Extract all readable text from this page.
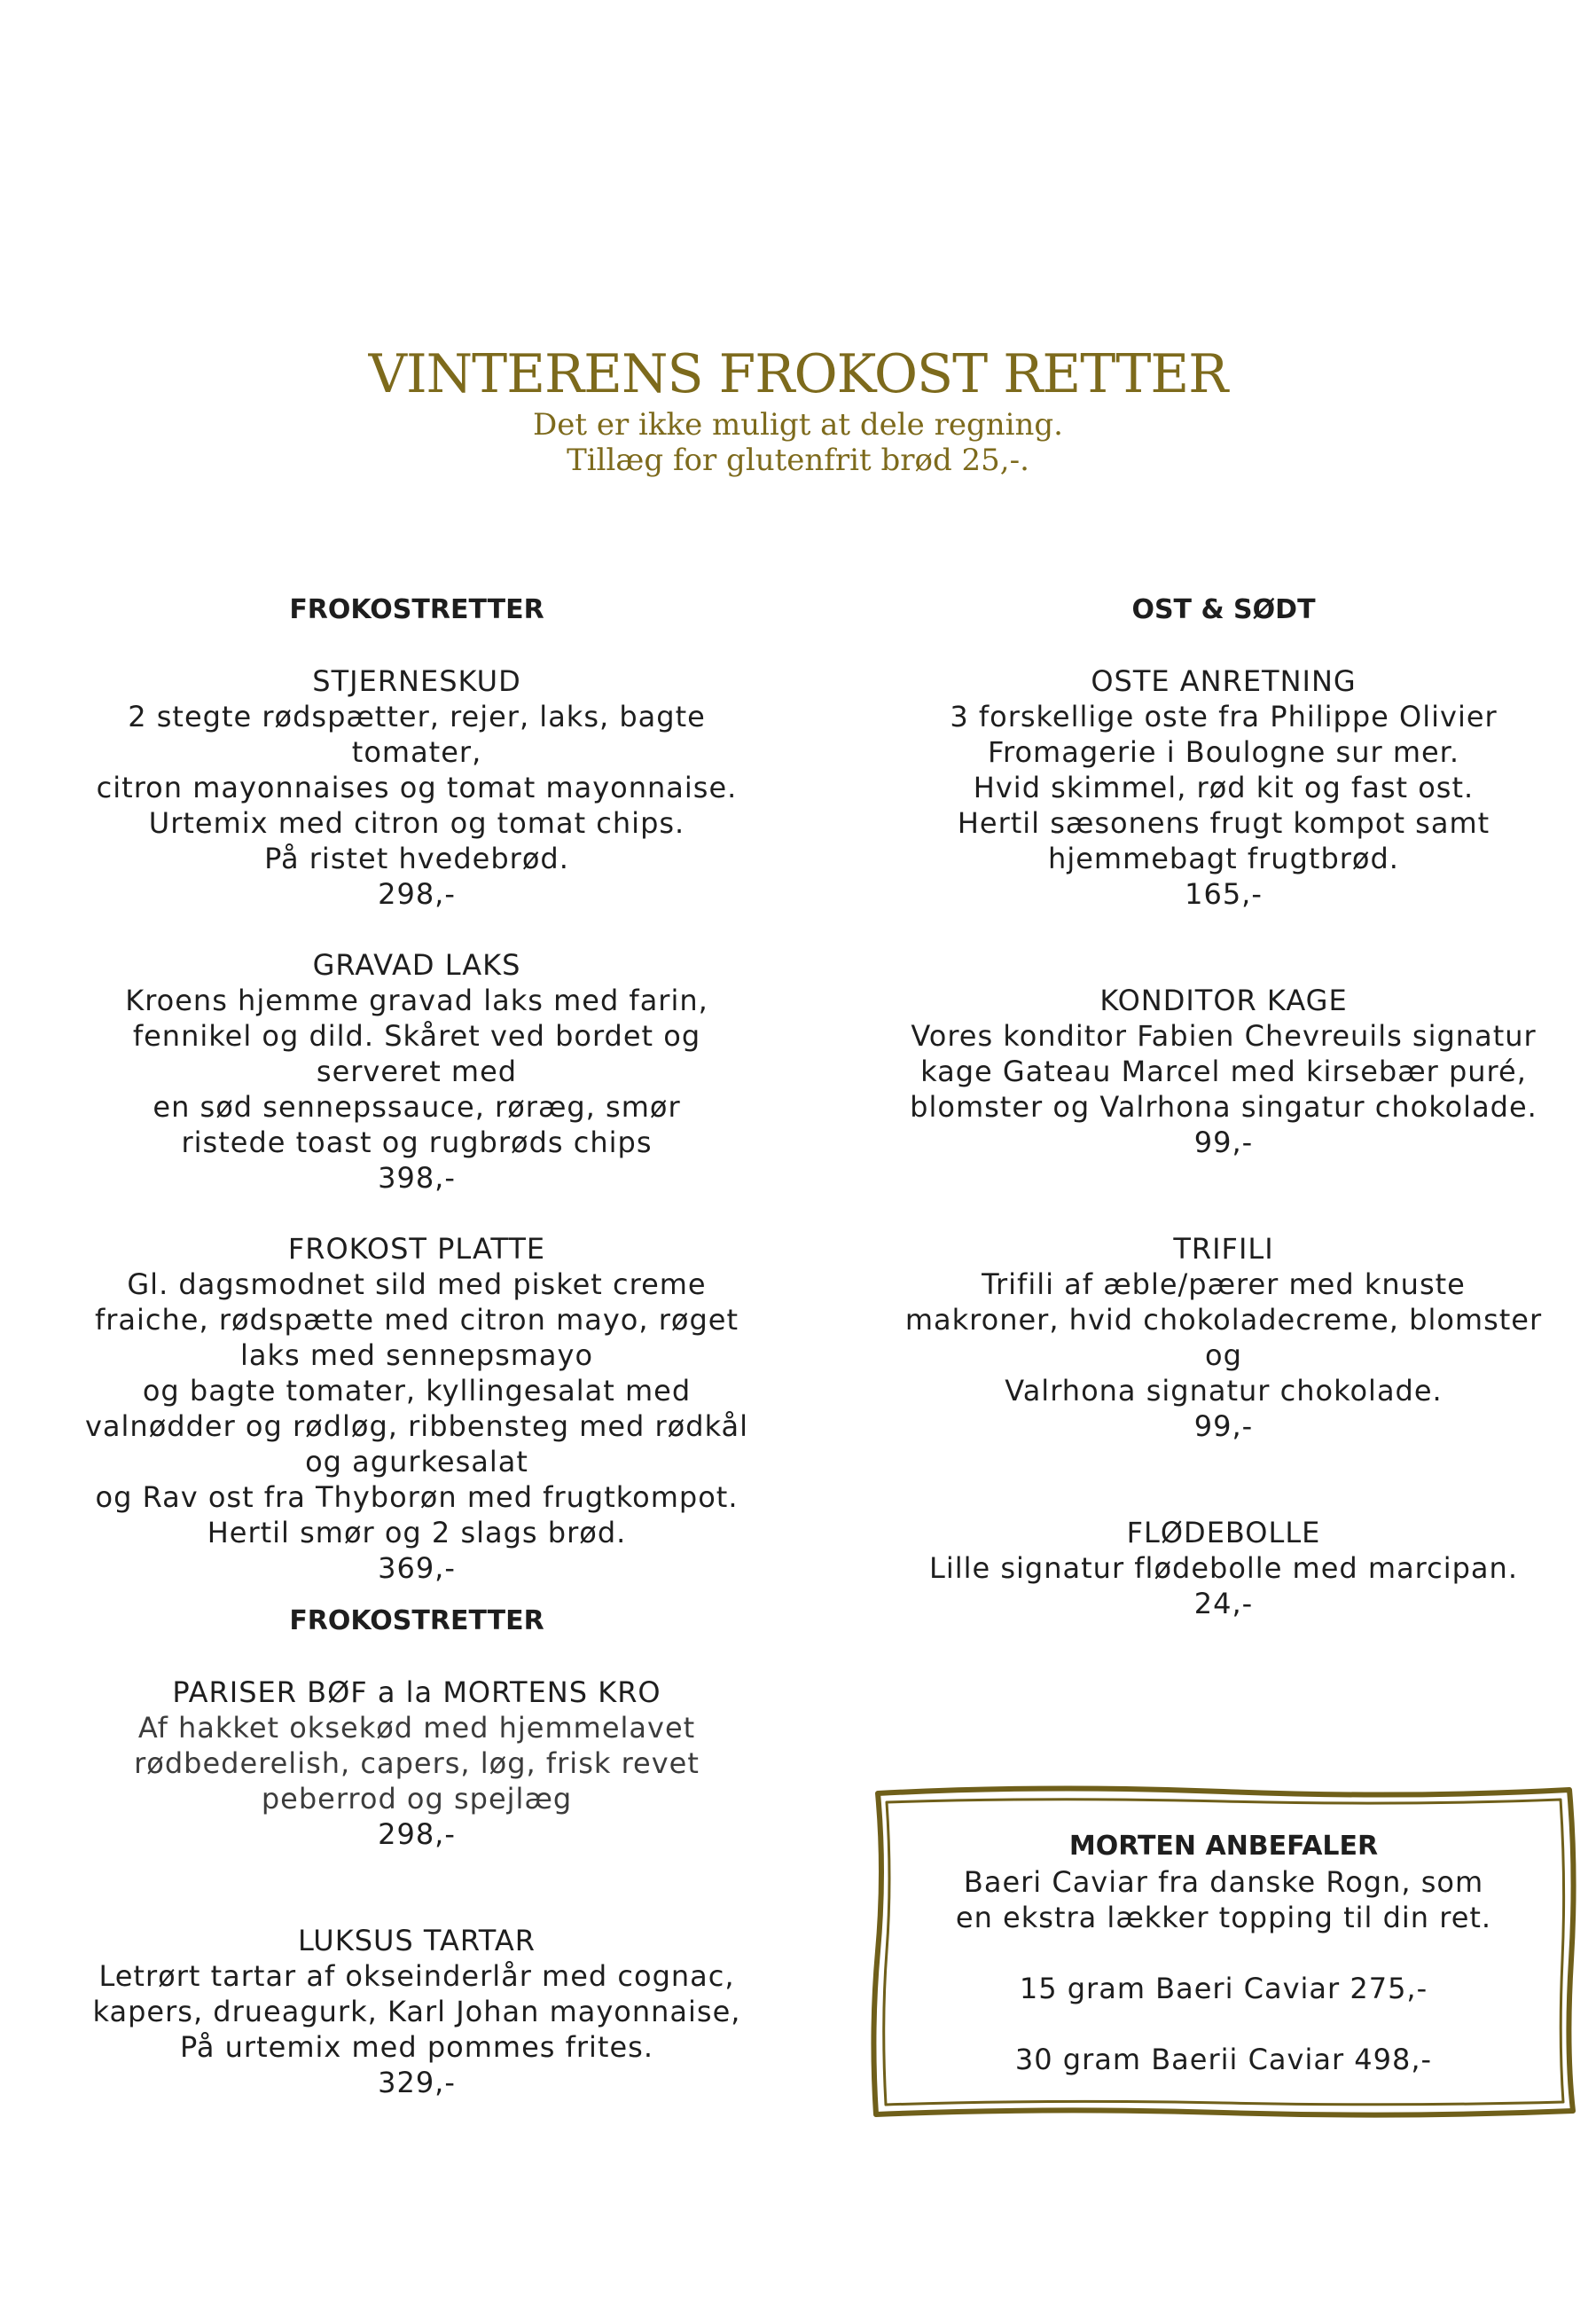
VINTERENS FROKOST RETTER
Det er ikke muligt at dele regning.
Tillæg for glutenfrit brød 25,-.
FROKOSTRETTER
STJERNESKUD
2 stegte rødspætter, rejer, laks, bagte
tomater,
citron mayonnaises og tomat mayonnaise.
Urtemix med citron og tomat chips.
På ristet hvedebrød.
298,-
GRAVAD LAKS
Kroens hjemme gravad laks med farin,
fennikel og dild. Skåret ved bordet og
serveret med
en sød sennepssauce, røræg, smør
ristede toast og rugbrøds chips
398,-
FROKOST PLATTE
Gl. dagsmodnet sild med pisket creme
fraiche, rødspætte med citron mayo, røget
laks med sennepsmayo
og bagte tomater, kyllingesalat med
valnødder og rødløg, ribbensteg med rødkål
og agurkesalat
og Rav ost fra Thyborøn med frugtkompot.
Hertil smør og 2 slags brød.
369,-
FROKOSTRETTER
PARISER BØF a la MORTENS KRO
Af hakket oksekød med hjemmelavet
rødbederelish, capers, løg, frisk revet
peberrod og spejlæg
298,-
LUKSUS TARTAR
Letrørt tartar af okseinderlår med cognac,
kapers, drueagurk, Karl Johan mayonnaise,
På urtemix med pommes frites.
329,-
OST & SØDT
OSTE ANRETNING
3 forskellige oste fra Philippe Olivier
Fromagerie i Boulogne sur mer.
Hvid skimmel, rød kit og fast ost.
Hertil sæsonens frugt kompot samt
hjemmebagt frugtbrød.
165,-
KONDITOR KAGE
Vores konditor Fabien Chevreuils signatur
kage Gateau Marcel med kirsebær puré,
blomster og Valrhona singatur chokolade.
99,-
TRIFILI
Trifili af æble/pærer med knuste
makroner, hvid chokoladecreme, blomster
og
Valrhona signatur chokolade.
99,-
FLØDEBOLLE
Lille signatur flødebolle med marcipan.
24,-
MORTEN ANBEFALER
Baeri Caviar fra danske Rogn, som
en ekstra lækker topping til din ret.
15 gram Baeri Caviar 275,-
30 gram Baerii Caviar 498,-
